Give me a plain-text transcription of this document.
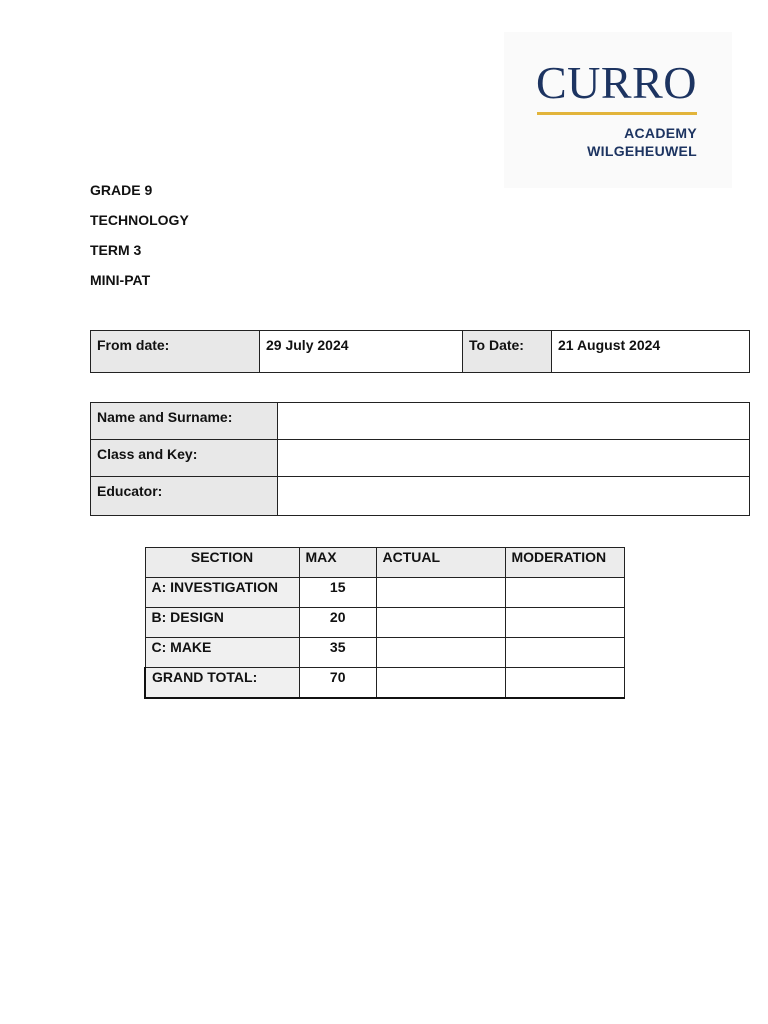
CURRO
ACADEMY
WILGEHEUWEL
GRADE 9
TECHNOLOGY
TERM 3
MINI-PAT
From date:	29 July 2024	To Date:	21 August 2024
Name and Surname:	

Class and Key:	

Educator:	

SECTION	MAX	ACTUAL	MODERATION
A: INVESTIGATION	15		
B: DESIGN	20		
C: MAKE	35		
GRAND TOTAL:	70		
